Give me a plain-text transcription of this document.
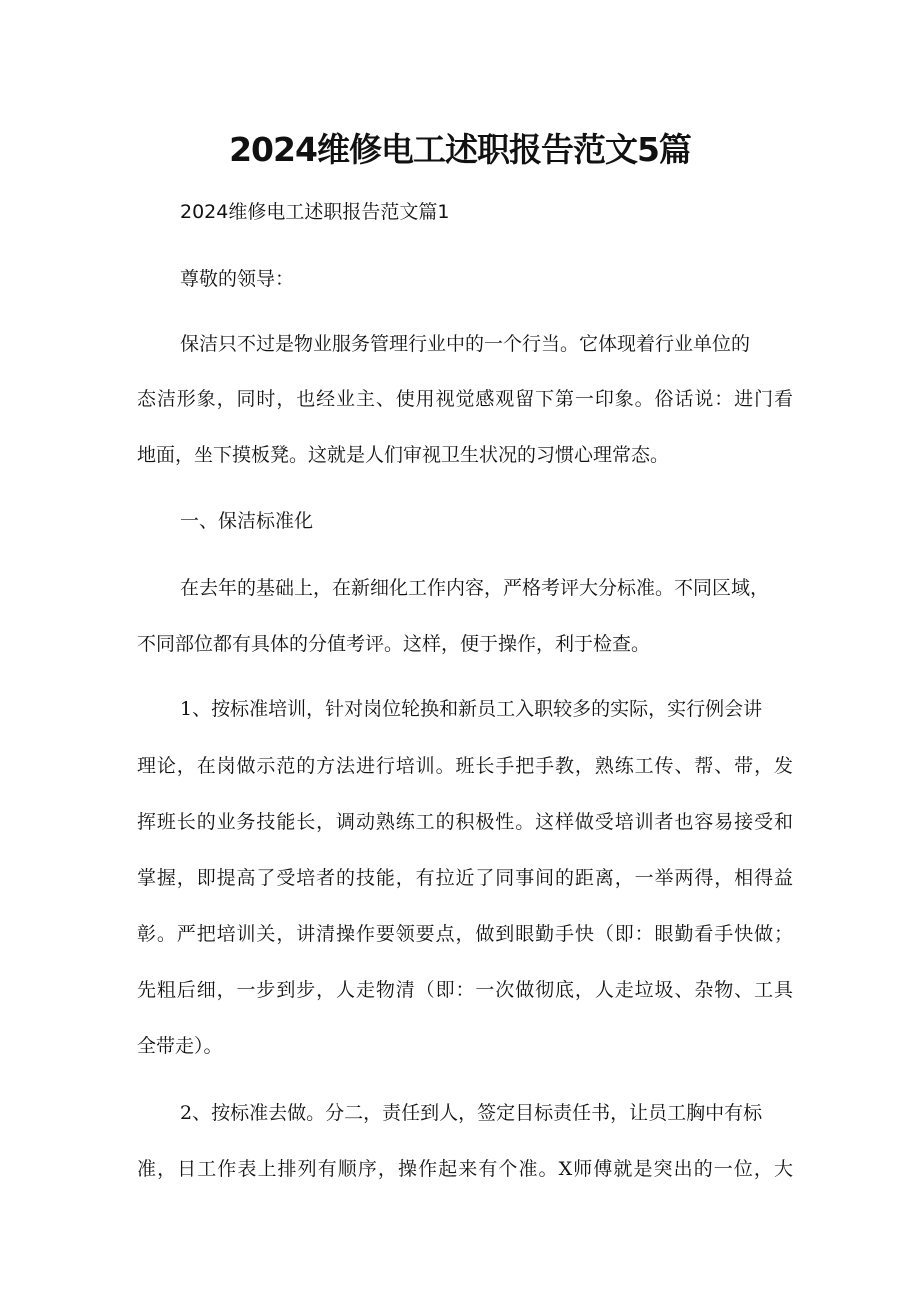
2024维修电工述职报告范文5篇

2024维修电工述职报告范文篇1

尊敬的领导：

保洁只不过是物业服务管理行业中的一个行当。它体现着行业单位的

态洁形象，同时，也经业主、使用视觉感观留下第一印象。俗话说：进门看

地面，坐下摸板凳。这就是人们审视卫生状况的习惯心理常态。

一、保洁标准化

在去年的基础上，在新细化工作内容，严格考评大分标准。不同区域，

不同部位都有具体的分值考评。这样，便于操作，利于检查。

1、按标准培训，针对岗位轮换和新员工入职较多的实际，实行例会讲

理论，在岗做示范的方法进行培训。班长手把手教，熟练工传、帮、带，发

挥班长的业务技能长，调动熟练工的积极性。这样做受培训者也容易接受和

掌握，即提高了受培者的技能，有拉近了同事间的距离，一举两得，相得益

彰。严把培训关，讲清操作要领要点，做到眼勤手快（即：眼勤看手快做；

先粗后细，一步到步，人走物清（即：一次做彻底，人走垃圾、杂物、工具

全带走）。

2、按标准去做。分二，责任到人，签定目标责任书，让员工胸中有标

准，日工作表上排列有顺序，操作起来有个准。X师傅就是突出的一位，大
